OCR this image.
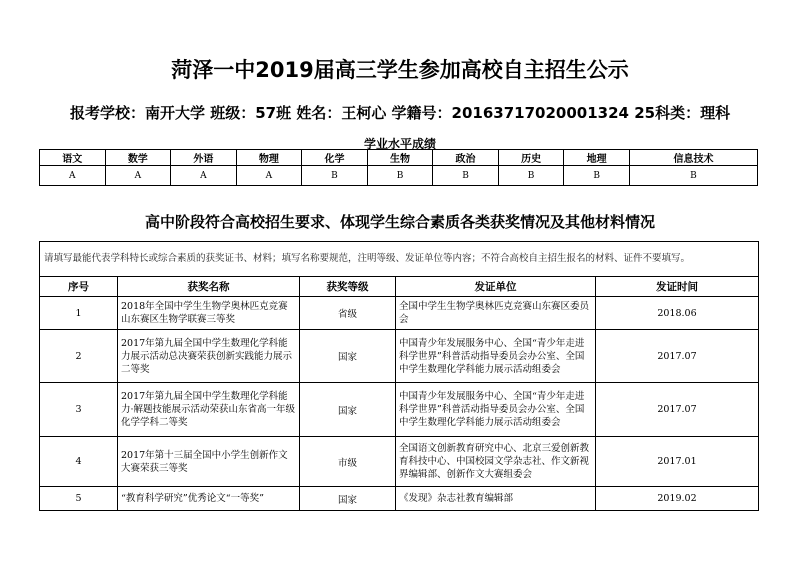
菏泽一中2019届高三学生参加高校自主招生公示
报考学校：南开大学 班级：57班 姓名：王柯心 学籍号：20163717020001324 25科类：理科
学业水平成绩
语文	数学	外语	物理	化学	生物	政治	历史	地理	信息技术
A	A	A	A	B	B	B	B	B	B
高中阶段符合高校招生要求、体现学生综合素质各类获奖情况及其他材料情况
请填写最能代表学科特长或综合素质的获奖证书、材料；填写名称要规范，注明等级、发证单位等内容；不符合高校自主招生报名的材料、证件不要填写。				
序号	获奖名称	获奖等级	发证单位	发证时间
1	2018年全国中学生生物学奥林匹克竞赛山东赛区生物学联赛三等奖	省级	全国中学生生物学奥林匹克竞赛山东赛区委员会	2018.06
2	2017年第九届全国中学生数理化学科能力展示活动总决赛荣获创新实践能力展示二等奖	国家	中国青少年发展服务中心、全国“青少年走进科学世界”科普活动指导委员会办公室、全国中学生数理化学科能力展示活动组委会	2017.07
3	2017年第九届全国中学生数理化学科能力·解题技能展示活动荣获山东省高一年级化学学科二等奖	国家	中国青少年发展服务中心、全国“青少年走进科学世界”科普活动指导委员会办公室、全国中学生数理化学科能力展示活动组委会	2017.07
4	2017年第十三届全国中小学生创新作文大赛荣获三等奖	市级	全国语文创新教育研究中心、北京三爱创新教育科技中心、中国校园文学杂志社、作文新视界编辑部、创新作文大赛组委会	2017.01
5	“教育科学研究”优秀论文“一等奖”	国家	《发现》杂志社教育编辑部	2019.02
